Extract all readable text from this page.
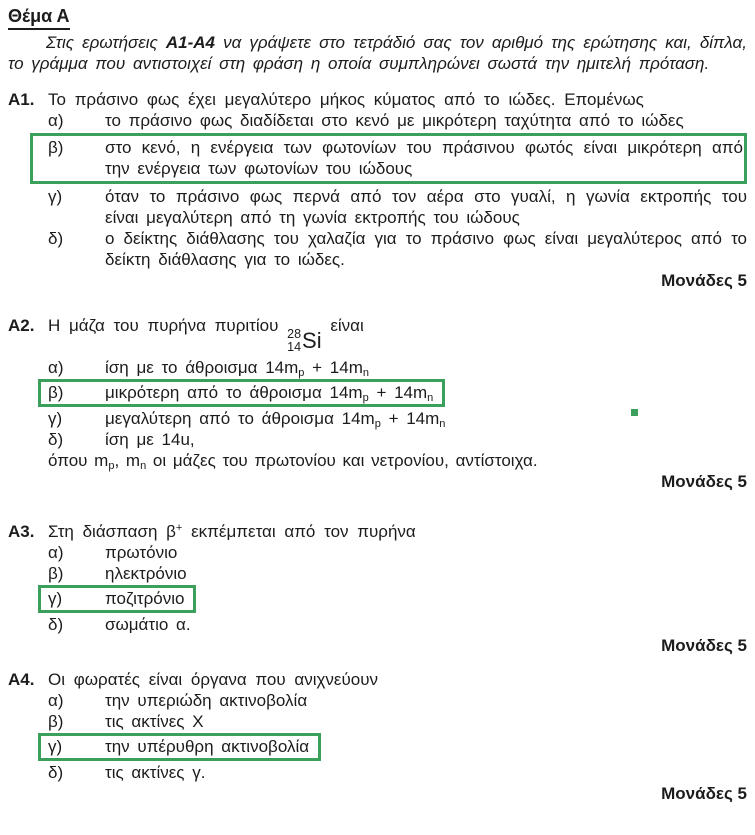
Θέμα Α

Στις ερωτήσεις Α1-Α4 να γράψετε στο τετράδιό σας τον αριθμό της ερώτησης και, δίπλα, το γράμμα που αντιστοιχεί στη φράση η οποία συμπληρώνει σωστά την ημιτελή πρόταση.

A1. Το πράσινο φως έχει μεγαλύτερο μήκος κύματος από το ιώδες. Επομένως
α)	το πράσινο φως διαδίδεται στο κενό με μικρότερη ταχύτητα από το ιώδες
β)	στο κενό, η ενέργεια των φωτονίων του πράσινου φωτός είναι μικρότερη από την ενέργεια των φωτονίων του ιώδους
γ)	όταν το πράσινο φως περνά από τον αέρα στο γυαλί, η γωνία εκτροπής του είναι μεγαλύτερη από τη γωνία εκτροπής του ιώδους
δ)	ο δείκτης διάθλασης του χαλαζία για το πράσινο φως είναι μεγαλύτερος από το δείκτη διάθλασης για το ιώδες.
Μονάδες 5
A2. Η μάζα του πυρήνα πυριτίου 28
14 Si
είναι
α)	ίση με το άθροισμα $14m_p + 14m_n$
β)	μικρότερη από το άθροισμα $14m_p + 14m_n$
γ)	μεγαλύτερη από το άθροισμα $14m_p + 14m_n$
δ)	ίση με 14u,
όπου $m_p$, $m_n$ οι μάζες του πρωτονίου και νετρονίου, αντίστοιχα.
Μονάδες 5
A3. Στη διάσπαση β+ εκπέμπεται από τον πυρήνα
α)	πρωτόνιο
β)	ηλεκτρόνιο
γ)	ποζιτρόνιο
δ)	σωμάτιο α.
Μονάδες 5
A4. Οι φωρατές είναι όργανα που ανιχνεύουν
α)	την υπεριώδη ακτινοβολία
β)	τις ακτίνες Χ
γ)	την υπέρυθρη ακτινοβολία
δ)	τις ακτίνες γ.
Μονάδες 5
